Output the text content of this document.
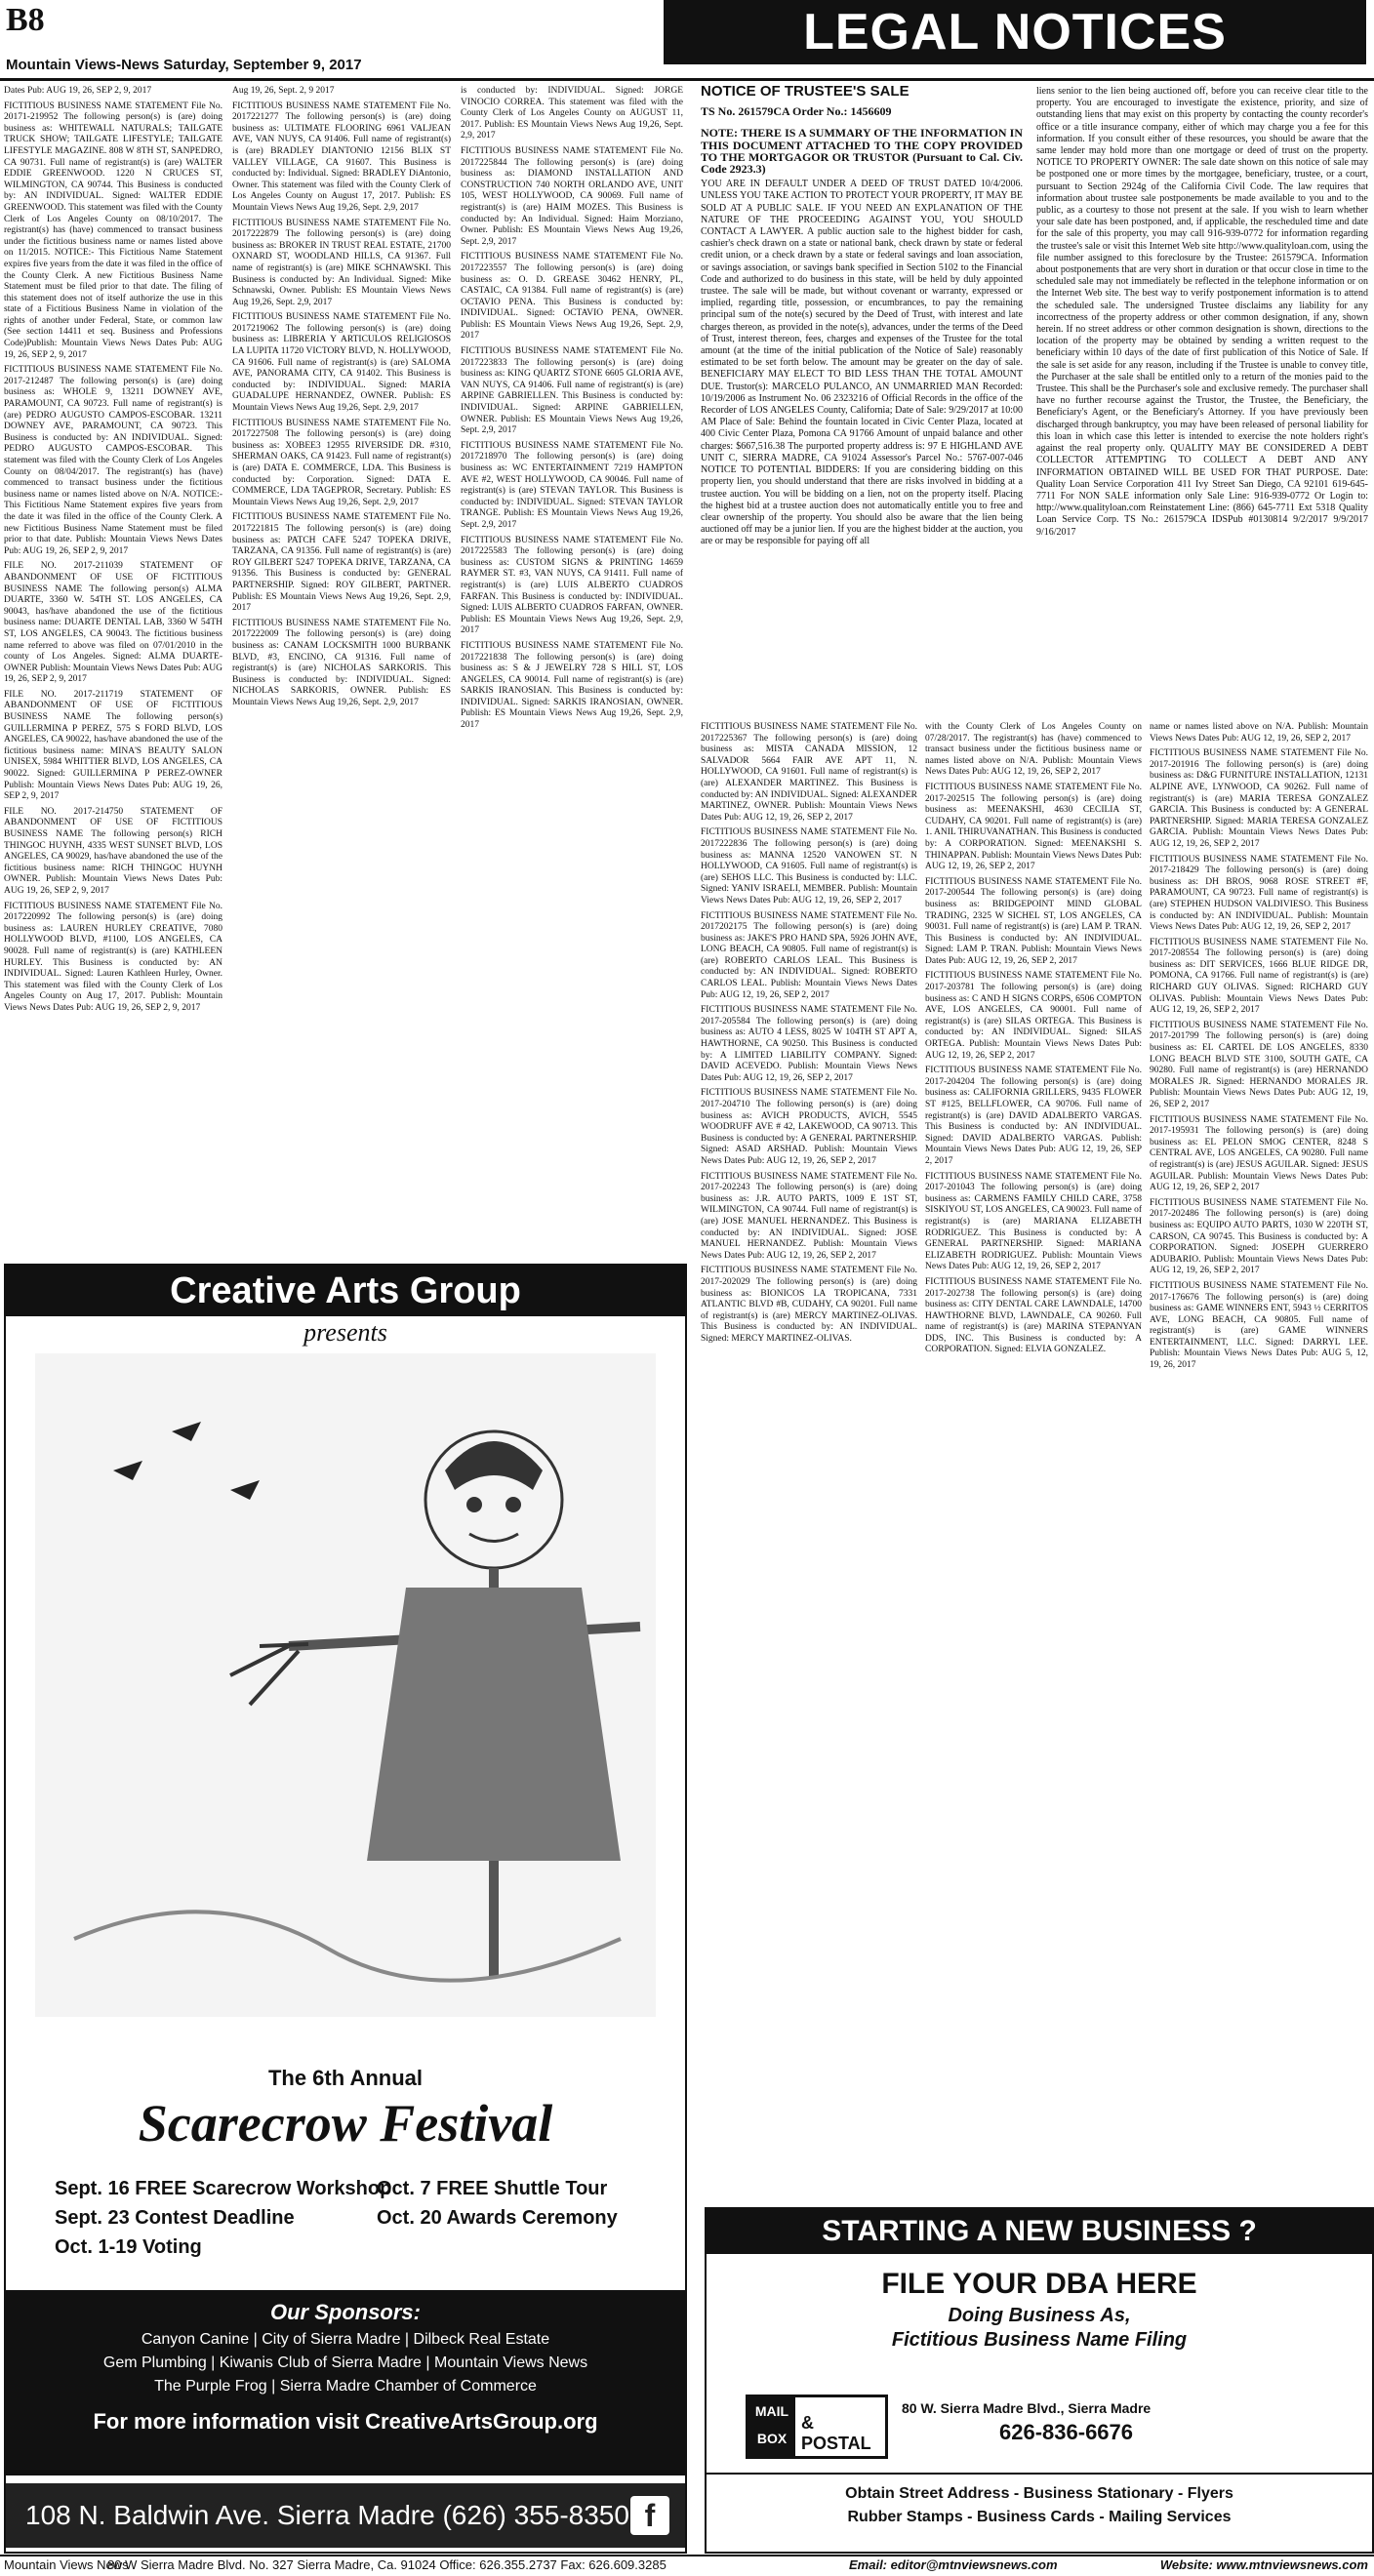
B8
Mountain Views-News Saturday, September 9, 2017
LEGAL NOTICES

Dates Pub: AUG 19, 26, SEP 2, 9, 2017

FICTITIOUS BUSINESS NAME STATEMENT File No. 20171-219952 The following person(s) is (are) doing business as: WHITEWALL NATURALS; TAILGATE TRUCK SHOW; TAILGATE LIFESTYLE; TAILGATE LIFESTYLE MAGAZINE. 808 W 8TH ST, SANPEDRO, CA 90731. Full name of registrant(s) is (are) WALTER EDDIE GREENWOOD. 1220 N CRUCES ST, WILMINGTON, CA 90744. This Business is conducted by: AN INDIVIDUAL. Signed: WALTER EDDIE GREENWOOD. This statement was filed with the County Clerk of Los Angeles County on 08/10/2017. The registrant(s) has (have) commenced to transact business under the fictitious business name or names listed above on 11/2015. NOTICE:- This Fictitious Name Statement expires five years from the date it was filed in the office of the County Clerk. A new Fictitious Business Name Statement must be filed prior to that date. The filing of this statement does not of itself authorize the use in this state of a Fictitious Business Name in violation of the rights of another under Federal, State, or common law (See section 14411 et seq. Business and Professions Code)Publish: Mountain Views News Dates Pub: AUG 19, 26, SEP 2, 9, 2017

FICTITIOUS BUSINESS NAME STATEMENT File No. 2017-212487 The following person(s) is (are) doing business as: WHOLE 9, 13211 DOWNEY AVE, PARAMOUNT, CA 90723. Full name of registrant(s) is (are) PEDRO AUGUSTO CAMPOS-ESCOBAR. 13211 DOWNEY AVE, PARAMOUNT, CA 90723. This Business is conducted by: AN INDIVIDUAL. Signed: PEDRO AUGUSTO CAMPOS-ESCOBAR. This statement was filed with the County Clerk of Los Angeles County on 08/04/2017. The registrant(s) has (have) commenced to transact business under the fictitious business name or names listed above on N/A. NOTICE:- This Fictitious Name Statement expires five years from the date it was filed in the office of the County Clerk. A new Fictitious Business Name Statement must be filed prior to that date. Publish: Mountain Views News Dates Pub: AUG 19, 26, SEP 2, 9, 2017

FILE NO. 2017-211039 STATEMENT OF ABANDONMENT OF USE OF FICTITIOUS BUSINESS NAME The following person(s) ALMA DUARTE, 3360 W. 54TH ST. LOS ANGELES, CA 90043, has/have abandoned the use of the fictitious business name: DUARTE DENTAL LAB, 3360 W 54TH ST, LOS ANGELES, CA 90043. The fictitious business name referred to above was filed on 07/01/2010 in the county of Los Angeles. Signed: ALMA DUARTE-OWNER Publish: Mountain Views News Dates Pub: AUG 19, 26, SEP 2, 9, 2017

FILE NO. 2017-211719 STATEMENT OF ABANDONMENT OF USE OF FICTITIOUS BUSINESS NAME The following person(s) GUILLERMINA P PEREZ, 575 S FORD BLVD, LOS ANGELES, CA 90022, has/have abandoned the use of the fictitious business name: MINA'S BEAUTY SALON UNISEX, 5984 WHITTIER BLVD, LOS ANGELES, CA 90022. Signed: GUILLERMINA P PEREZ-OWNER Publish: Mountain Views News Dates Pub: AUG 19, 26, SEP 2, 9, 2017

FILE NO. 2017-214750 STATEMENT OF ABANDONMENT OF USE OF FICTITIOUS BUSINESS NAME The following person(s) RICH THINGOC HUYNH, 4335 WEST SUNSET BLVD, LOS ANGELES, CA 90029, has/have abandoned the use of the fictitious business name: RICH THINGOC HUYNH OWNER. Publish: Mountain Views News Dates Pub: AUG 19, 26, SEP 2, 9, 2017

FICTITIOUS BUSINESS NAME STATEMENT File No. 2017220992 The following person(s) is (are) doing business as: LAUREN HURLEY CREATIVE, 7080 HOLLYWOOD BLVD, #1100, LOS ANGELES, CA 90028. Full name of registrant(s) is (are) KATHLEEN HURLEY. This Business is conducted by: AN INDIVIDUAL. Signed: Lauren Kathleen Hurley, Owner. This statement was filed with the County Clerk of Los Angeles County on Aug 17, 2017. Publish: Mountain Views News Dates Pub: AUG 19, 26, SEP 2, 9, 2017

Aug 19, 26, Sept. 2, 9 2017

FICTITIOUS BUSINESS NAME STATEMENT File No. 2017221277 The following person(s) is (are) doing business as: ULTIMATE FLOORING 6961 VALJEAN AVE, VAN NUYS, CA 91406. Full name of registrant(s) is (are) BRADLEY DIANTONIO 12156 BLIX ST VALLEY VILLAGE, CA 91607. This Business is conducted by: Individual. Signed: BRADLEY DiAntonio, Owner. This statement was filed with the County Clerk of Los Angeles County on August 17, 2017. Publish: ES Mountain Views News Aug 19,26, Sept. 2,9, 2017

FICTITIOUS BUSINESS NAME STATEMENT File No. 2017222879 The following person(s) is (are) doing business as: BROKER IN TRUST REAL ESTATE, 21700 OXNARD ST, WOODLAND HILLS, CA 91367. Full name of registrant(s) is (are) MIKE SCHNAWSKI. This Business is conducted by: An Individual. Signed: Mike Schnawski, Owner. Publish: ES Mountain Views News Aug 19,26, Sept. 2,9, 2017

FICTITIOUS BUSINESS NAME STATEMENT File No. 2017219062 The following person(s) is (are) doing business as: LIBRERIA Y ARTICULOS RELIGIOSOS LA LUPITA 11720 VICTORY BLVD, N. HOLLYWOOD, CA 91606. Full name of registrant(s) is (are) SALOMA AVE, PANORAMA CITY, CA 91402. This Business is conducted by: INDIVIDUAL. Signed: MARIA GUADALUPE HERNANDEZ, OWNER. Publish: ES Mountain Views News Aug 19,26, Sept. 2,9, 2017

FICTITIOUS BUSINESS NAME STATEMENT File No. 2017227508 The following person(s) is (are) doing business as: XOBEE3 12955 RIVERSIDE DR. #310, SHERMAN OAKS, CA 91423. Full name of registrant(s) is (are) DATA E. COMMERCE, LDA. This Business is conducted by: Corporation. Signed: DATA E. COMMERCE, LDA TAGEPROR, Secretary. Publish: ES Mountain Views News Aug 19,26, Sept. 2,9, 2017

FICTITIOUS BUSINESS NAME STATEMENT File No. 2017221815 The following person(s) is (are) doing business as: PATCH CAFE 5247 TOPEKA DRIVE, TARZANA, CA 91356. Full name of registrant(s) is (are) ROY GILBERT 5247 TOPEKA DRIVE, TARZANA, CA 91356. This Business is conducted by: GENERAL PARTNERSHIP. Signed: ROY GILBERT, PARTNER. Publish: ES Mountain Views News Aug 19,26, Sept. 2,9, 2017

FICTITIOUS BUSINESS NAME STATEMENT File No. 2017222009 The following person(s) is (are) doing business as: CANAM LOCKSMITH 1000 BURBANK BLVD, #3, ENCINO, CA 91316. Full name of registrant(s) is (are) NICHOLAS SARKORIS. This Business is conducted by: INDIVIDUAL. Signed: NICHOLAS SARKORIS, OWNER. Publish: ES Mountain Views News Aug 19,26, Sept. 2,9, 2017

is conducted by: INDIVIDUAL. Signed: JORGE VINOCIO CORREA. This statement was filed with the County Clerk of Los Angeles County on AUGUST 11, 2017. Publish: ES Mountain Views News Aug 19,26, Sept. 2,9, 2017

FICTITIOUS BUSINESS NAME STATEMENT File No. 2017225844 The following person(s) is (are) doing business as: DIAMOND INSTALLATION AND CONSTRUCTION 740 NORTH ORLANDO AVE, UNIT 105, WEST HOLLYWOOD, CA 90069. Full name of registrant(s) is (are) HAIM MOZES. This Business is conducted by: An Individual. Signed: Haim Morziano, Owner. Publish: ES Mountain Views News Aug 19,26, Sept. 2,9, 2017

FICTITIOUS BUSINESS NAME STATEMENT File No. 2017223557 The following person(s) is (are) doing business as: O. D. GREASE 30462 HENRY, PL, CASTAIC, CA 91384. Full name of registrant(s) is (are) OCTAVIO PENA. This Business is conducted by: INDIVIDUAL. Signed: OCTAVIO PENA, OWNER. Publish: ES Mountain Views News Aug 19,26, Sept. 2,9, 2017

FICTITIOUS BUSINESS NAME STATEMENT File No. 2017223833 The following person(s) is (are) doing business as: KING QUARTZ STONE 6605 GLORIA AVE, VAN NUYS, CA 91406. Full name of registrant(s) is (are) ARPINE GABRIELLEN. This Business is conducted by: INDIVIDUAL. Signed: ARPINE GABRIELLEN, OWNER. Publish: ES Mountain Views News Aug 19,26, Sept. 2,9, 2017

FICTITIOUS BUSINESS NAME STATEMENT File No. 2017218970 The following person(s) is (are) doing business as: WC ENTERTAINMENT 7219 HAMPTON AVE #2, WEST HOLLYWOOD, CA 90046. Full name of registrant(s) is (are) STEVAN TAYLOR. This Business is conducted by: INDIVIDUAL. Signed: STEVAN TAYLOR TRANGE. Publish: ES Mountain Views News Aug 19,26, Sept. 2,9, 2017

FICTITIOUS BUSINESS NAME STATEMENT File No. 2017225583 The following person(s) is (are) doing business as: CUSTOM SIGNS & PRINTING 14659 RAYMER ST. #3, VAN NUYS, CA 91411. Full name of registrant(s) is (are) LUIS ALBERTO CUADROS FARFAN. This Business is conducted by: INDIVIDUAL. Signed: LUIS ALBERTO CUADROS FARFAN, OWNER. Publish: ES Mountain Views News Aug 19,26, Sept. 2,9, 2017

FICTITIOUS BUSINESS NAME STATEMENT File No. 2017221838 The following person(s) is (are) doing business as: S & J JEWELRY 728 S HILL ST, LOS ANGELES, CA 90014. Full name of registrant(s) is (are) SARKIS IRANOSIAN. This Business is conducted by: INDIVIDUAL. Signed: SARKIS IRANOSIAN, OWNER. Publish: ES Mountain Views News Aug 19,26, Sept. 2,9, 2017

NOTICE OF TRUSTEE'S SALE
TS No. 261579CA Order No.: 1456609

NOTE: THERE IS A SUMMARY OF THE INFORMATION IN THIS DOCUMENT ATTACHED TO THE COPY PROVIDED TO THE MORTGAGOR OR TRUSTOR (Pursuant to Cal. Civ. Code 2923.3)

YOU ARE IN DEFAULT UNDER A DEED OF TRUST DATED 10/4/2006. UNLESS YOU TAKE ACTION TO PROTECT YOUR PROPERTY, IT MAY BE SOLD AT A PUBLIC SALE. IF YOU NEED AN EXPLANATION OF THE NATURE OF THE PROCEEDING AGAINST YOU, YOU SHOULD CONTACT A LAWYER. A public auction sale to the highest bidder for cash, cashier's check drawn on a state or national bank, check drawn by state or federal credit union, or a check drawn by a state or federal savings and loan association, or savings association, or savings bank specified in Section 5102 to the Financial Code and authorized to do business in this state, will be held by duly appointed trustee. The sale will be made, but without covenant or warranty, expressed or implied, regarding title, possession, or encumbrances, to pay the remaining principal sum of the note(s) secured by the Deed of Trust, with interest and late charges thereon, as provided in the note(s), advances, under the terms of the Deed of Trust, interest thereon, fees, charges and expenses of the Trustee for the total amount (at the time of the initial publication of the Notice of Sale) reasonably estimated to be set forth below. The amount may be greater on the day of sale. BENEFICIARY MAY ELECT TO BID LESS THAN THE TOTAL AMOUNT DUE. Trustor(s): MARCELO PULANCO, AN UNMARRIED MAN Recorded: 10/19/2006 as Instrument No. 06 2323216 of Official Records in the office of the Recorder of LOS ANGELES County, California; Date of Sale: 9/29/2017 at 10:00 AM Place of Sale: Behind the fountain located in Civic Center Plaza, located at 400 Civic Center Plaza, Pomona CA 91766 Amount of unpaid balance and other charges: $667,516.38 The purported property address is: 97 E HIGHLAND AVE UNIT C, SIERRA MADRE, CA 91024 Assessor's Parcel No.: 5767-007-046 NOTICE TO POTENTIAL BIDDERS: If you are considering bidding on this property lien, you should understand that there are risks involved in bidding at a trustee auction. You will be bidding on a lien, not on the property itself. Placing the highest bid at a trustee auction does not automatically entitle you to free and clear ownership of the property. You should also be aware that the lien being auctioned off may be a junior lien. If you are the highest bidder at the auction, you are or may be responsible for paying off all

liens senior to the lien being auctioned off, before you can receive clear title to the property. You are encouraged to investigate the existence, priority, and size of outstanding liens that may exist on this property by contacting the county recorder's office or a title insurance company, either of which may charge you a fee for this information. If you consult either of these resources, you should be aware that the same lender may hold more than one mortgage or deed of trust on the property. NOTICE TO PROPERTY OWNER: The sale date shown on this notice of sale may be postponed one or more times by the mortgagee, beneficiary, trustee, or a court, pursuant to Section 2924g of the California Civil Code. The law requires that information about trustee sale postponements be made available to you and to the public, as a courtesy to those not present at the sale. If you wish to learn whether your sale date has been postponed, and, if applicable, the rescheduled time and date for the sale of this property, you may call 916-939-0772 for information regarding the trustee's sale or visit this Internet Web site http://www.qualityloan.com, using the file number assigned to this foreclosure by the Trustee: 261579CA. Information about postponements that are very short in duration or that occur close in time to the scheduled sale may not immediately be reflected in the telephone information or on the Internet Web site. The best way to verify postponement information is to attend the scheduled sale. The undersigned Trustee disclaims any liability for any incorrectness of the property address or other common designation, if any, shown herein. If no street address or other common designation is shown, directions to the location of the property may be obtained by sending a written request to the beneficiary within 10 days of the date of first publication of this Notice of Sale. If the sale is set aside for any reason, including if the Trustee is unable to convey title, the Purchaser at the sale shall be entitled only to a return of the monies paid to the Trustee. This shall be the Purchaser's sole and exclusive remedy. The purchaser shall have no further recourse against the Trustor, the Trustee, the Beneficiary, the Beneficiary's Agent, or the Beneficiary's Attorney. If you have previously been discharged through bankruptcy, you may have been released of personal liability for this loan in which case this letter is intended to exercise the note holders right's against the real property only. QUALITY MAY BE CONSIDERED A DEBT COLLECTOR ATTEMPTING TO COLLECT A DEBT AND ANY INFORMATION OBTAINED WILL BE USED FOR THAT PURPOSE. Date: Quality Loan Service Corporation 411 Ivy Street San Diego, CA 92101 619-645-7711 For NON SALE information only Sale Line: 916-939-0772 Or Login to: http://www.qualityloan.com Reinstatement Line: (866) 645-7711 Ext 5318 Quality Loan Service Corp. TS No.: 261579CA IDSPub #0130814 9/2/2017 9/9/2017 9/16/2017

FICTITIOUS BUSINESS NAME STATEMENT File No. 2017225367 The following person(s) is (are) doing business as: MISTA CANADA MISSION, 12 SALVADOR 5664 FAIR AVE APT 11, N. HOLLYWOOD, CA 91601. Full name of registrant(s) is (are) ALEXANDER MARTINEZ. This Business is conducted by: AN INDIVIDUAL. Signed: ALEXANDER MARTINEZ, OWNER. Publish: Mountain Views News Dates Pub: AUG 12, 19, 26, SEP 2, 2017

FICTITIOUS BUSINESS NAME STATEMENT File No. 2017222836 The following person(s) is (are) doing business as: MANNA 12520 VANOWEN ST. N HOLLYWOOD, CA 91605. Full name of registrant(s) is (are) SEHOS LLC. This Business is conducted by: LLC. Signed: YANIV ISRAELI, MEMBER. Publish: Mountain Views News Dates Pub: AUG 12, 19, 26, SEP 2, 2017

FICTITIOUS BUSINESS NAME STATEMENT File No. 2017202175 The following person(s) is (are) doing business as: JAKE'S PRO HAND SPA, 5926 JOHN AVE, LONG BEACH, CA 90805. Full name of registrant(s) is (are) ROBERTO CARLOS LEAL. This Business is conducted by: AN INDIVIDUAL. Signed: ROBERTO CARLOS LEAL. Publish: Mountain Views News Dates Pub: AUG 12, 19, 26, SEP 2, 2017

FICTITIOUS BUSINESS NAME STATEMENT File No. 2017-205584 The following person(s) is (are) doing business as: AUTO 4 LESS, 8025 W 104TH ST APT A, HAWTHORNE, CA 90250. This Business is conducted by: A LIMITED LIABILITY COMPANY. Signed: DAVID ACEVEDO. Publish: Mountain Views News Dates Pub: AUG 12, 19, 26, SEP 2, 2017

FICTITIOUS BUSINESS NAME STATEMENT File No. 2017-204710 The following person(s) is (are) doing business as: AVICH PRODUCTS, AVICH, 5545 WOODRUFF AVE # 42, LAKEWOOD, CA 90713. This Business is conducted by: A GENERAL PARTNERSHIP. Signed: ASAD ARSHAD. Publish: Mountain Views News Dates Pub: AUG 12, 19, 26, SEP 2, 2017

FICTITIOUS BUSINESS NAME STATEMENT File No. 2017-202243 The following person(s) is (are) doing business as: J.R. AUTO PARTS, 1009 E 1ST ST, WILMINGTON, CA 90744. Full name of registrant(s) is (are) JOSE MANUEL HERNANDEZ. This Business is conducted by: AN INDIVIDUAL. Signed: JOSE MANUEL HERNANDEZ. Publish: Mountain Views News Dates Pub: AUG 12, 19, 26, SEP 2, 2017

FICTITIOUS BUSINESS NAME STATEMENT File No. 2017-202029 The following person(s) is (are) doing business as: BIONICOS LA TROPICANA, 7331 ATLANTIC BLVD #B, CUDAHY, CA 90201. Full name of registrant(s) is (are) MERCY MARTINEZ-OLIVAS. This Business is conducted by: AN INDIVIDUAL. Signed: MERCY MARTINEZ-OLIVAS.

with the County Clerk of Los Angeles County on 07/28/2017. The registrant(s) has (have) commenced to transact business under the fictitious business name or names listed above on N/A. Publish: Mountain Views News Dates Pub: AUG 12, 19, 26, SEP 2, 2017

FICTITIOUS BUSINESS NAME STATEMENT File No. 2017-202515 The following person(s) is (are) doing business as: MEENAKSHI, 4630 CECILIA ST, CUDAHY, CA 90201. Full name of registrant(s) is (are) 1. ANIL THIRUVANATHAN. This Business is conducted by: A CORPORATION. Signed: MEENAKSHI S. THINAPPAN. Publish: Mountain Views News Dates Pub: AUG 12, 19, 26, SEP 2, 2017

FICTITIOUS BUSINESS NAME STATEMENT File No. 2017-200544 The following person(s) is (are) doing business as: BRIDGEPOINT MIND GLOBAL TRADING, 2325 W SICHEL ST, LOS ANGELES, CA 90031. Full name of registrant(s) is (are) LAM P. TRAN. This Business is conducted by: AN INDIVIDUAL. Signed: LAM P. TRAN. Publish: Mountain Views News Dates Pub: AUG 12, 19, 26, SEP 2, 2017

FICTITIOUS BUSINESS NAME STATEMENT File No. 2017-203781 The following person(s) is (are) doing business as: C AND H SIGNS CORPS, 6506 COMPTON AVE, LOS ANGELES, CA 90001. Full name of registrant(s) is (are) SILAS ORTEGA. This Business is conducted by: AN INDIVIDUAL. Signed: SILAS ORTEGA. Publish: Mountain Views News Dates Pub: AUG 12, 19, 26, SEP 2, 2017

FICTITIOUS BUSINESS NAME STATEMENT File No. 2017-204204 The following person(s) is (are) doing business as: CALIFORNIA GRILLERS, 9435 FLOWER ST #125, BELLFLOWER, CA 90706. Full name of registrant(s) is (are) DAVID ADALBERTO VARGAS. This Business is conducted by: AN INDIVIDUAL. Signed: DAVID ADALBERTO VARGAS. Publish: Mountain Views News Dates Pub: AUG 12, 19, 26, SEP 2, 2017

FICTITIOUS BUSINESS NAME STATEMENT File No. 2017-201043 The following person(s) is (are) doing business as: CARMENS FAMILY CHILD CARE, 3758 SISKIYOU ST, LOS ANGELES, CA 90023. Full name of registrant(s) is (are) MARIANA ELIZABETH RODRIGUEZ. This Business is conducted by: A GENERAL PARTNERSHIP. Signed: MARIANA ELIZABETH RODRIGUEZ. Publish: Mountain Views News Dates Pub: AUG 12, 19, 26, SEP 2, 2017

FICTITIOUS BUSINESS NAME STATEMENT File No. 2017-202738 The following person(s) is (are) doing business as: CITY DENTAL CARE LAWNDALE, 14700 HAWTHORNE BLVD, LAWNDALE, CA 90260. Full name of registrant(s) is (are) MARINA STEPANYAN DDS, INC. This Business is conducted by: A CORPORATION. Signed: ELVIA GONZALEZ.

name or names listed above on N/A. Publish: Mountain Views News Dates Pub: AUG 12, 19, 26, SEP 2, 2017

FICTITIOUS BUSINESS NAME STATEMENT File No. 2017-201916 The following person(s) is (are) doing business as: D&G FURNITURE INSTALLATION, 12131 ALPINE AVE, LYNWOOD, CA 90262. Full name of registrant(s) is (are) MARIA TERESA GONZALEZ GARCIA. This Business is conducted by: A GENERAL PARTNERSHIP. Signed: MARIA TERESA GONZALEZ GARCIA. Publish: Mountain Views News Dates Pub: AUG 12, 19, 26, SEP 2, 2017

FICTITIOUS BUSINESS NAME STATEMENT File No. 2017-218429 The following person(s) is (are) doing business as: DH BROS, 9068 ROSE STREET #F, PARAMOUNT, CA 90723. Full name of registrant(s) is (are) STEPHEN HUDSON VALDIVIESO. This Business is conducted by: AN INDIVIDUAL. Publish: Mountain Views News Dates Pub: AUG 12, 19, 26, SEP 2, 2017

FICTITIOUS BUSINESS NAME STATEMENT File No. 2017-208554 The following person(s) is (are) doing business as: DIT SERVICES, 1666 BLUE RIDGE DR, POMONA, CA 91766. Full name of registrant(s) is (are) RICHARD GUY OLIVAS. Signed: RICHARD GUY OLIVAS. Publish: Mountain Views News Dates Pub: AUG 12, 19, 26, SEP 2, 2017

FICTITIOUS BUSINESS NAME STATEMENT File No. 2017-201799 The following person(s) is (are) doing business as: EL CARTEL DE LOS ANGELES, 8330 LONG BEACH BLVD STE 3100, SOUTH GATE, CA 90280. Full name of registrant(s) is (are) HERNANDO MORALES JR. Signed: HERNANDO MORALES JR. Publish: Mountain Views News Dates Pub: AUG 12, 19, 26, SEP 2, 2017

FICTITIOUS BUSINESS NAME STATEMENT File No. 2017-195931 The following person(s) is (are) doing business as: EL PELON SMOG CENTER, 8248 S CENTRAL AVE, LOS ANGELES, CA 90280. Full name of registrant(s) is (are) JESUS AGUILAR. Signed: JESUS AGUILAR. Publish: Mountain Views News Dates Pub: AUG 12, 19, 26, SEP 2, 2017

FICTITIOUS BUSINESS NAME STATEMENT File No. 2017-202486 The following person(s) is (are) doing business as: EQUIPO AUTO PARTS, 1030 W 220TH ST, CARSON, CA 90745. This Business is conducted by: A CORPORATION. Signed: JOSEPH GUERRERO ADUBARIO. Publish: Mountain Views News Dates Pub: AUG 12, 19, 26, SEP 2, 2017

FICTITIOUS BUSINESS NAME STATEMENT File No. 2017-176676 The following person(s) is (are) doing business as: GAME WINNERS ENT, 5943 ½ CERRITOS AVE, LONG BEACH, CA 90805. Full name of registrant(s) is (are) GAME WINNERS ENTERTAINMENT, LLC. Signed: DARRYL LEE. Publish: Mountain Views News Dates Pub: AUG 5, 12, 19, 26, 2017

Creative Arts Group
presents
The 6th Annual
Scarecrow Festival
Sept. 16 FREE Scarecrow Workshop
Oct. 7 FREE Shuttle Tour
Sept. 23 Contest Deadline	Oct. 20 Awards Ceremony
Oct. 1-19 Voting
Our Sponsors:
Canyon Canine | City of Sierra Madre | Dilbeck Real Estate
Gem Plumbing | Kiwanis Club of Sierra Madre | Mountain Views News
The Purple Frog | Sierra Madre Chamber of Commerce
For more information visit CreativeArtsGroup.org
108 N. Baldwin Ave. Sierra Madre (626) 355-8350 f
STARTING A NEW BUSINESS ?
FILE YOUR DBA HERE
Doing Business As,
Fictitious Business Name Filing
MAIL BOX
& POSTAL
80 W. Sierra Madre Blvd., Sierra Madre
626-836-6676
Obtain Street Address - Business Stationary - Flyers
Rubber Stamps - Business Cards - Mailing Services
Mountain Views News
80 W Sierra Madre Blvd. No. 327 Sierra Madre, Ca. 91024 Office: 626.355.2737 Fax: 626.609.3285	Email: editor@mtnviewsnews.com	Website: www.mtnviewsnews.com
